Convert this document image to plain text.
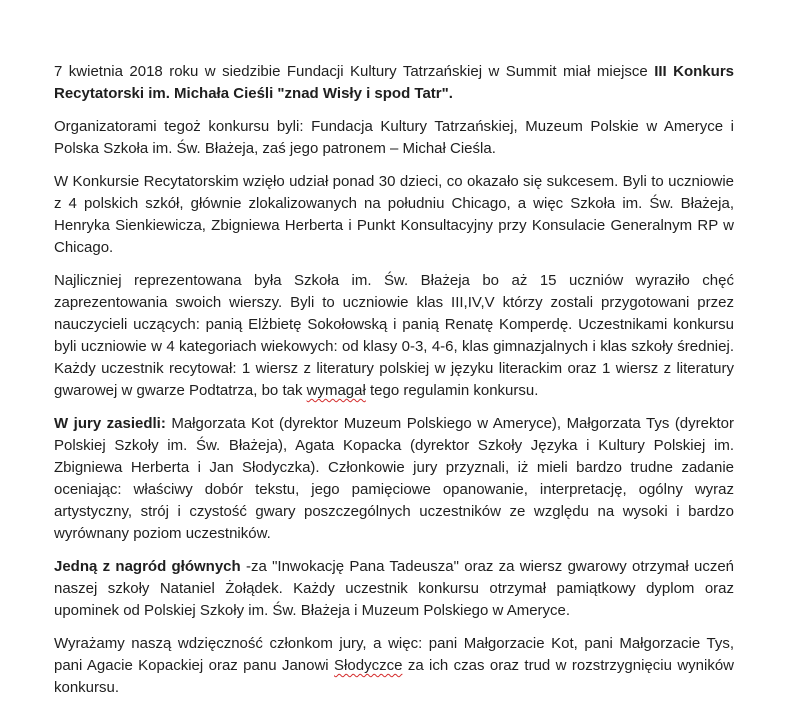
7 kwietnia 2018 roku w siedzibie Fundacji Kultury Tatrzańskiej w Summit miał miejsce III Konkurs Recytatorski im. Michała Cieśli "znad Wisły i spod Tatr".

Organizatorami tegoż konkursu byli: Fundacja Kultury Tatrzańskiej, Muzeum Polskie w Ameryce i Polska Szkoła im. Św. Błażeja, zaś jego patronem – Michał Cieśla.

W Konkursie Recytatorskim wzięło udział ponad 30 dzieci, co okazało się sukcesem. Byli to uczniowie z 4 polskich szkół, głównie zlokalizowanych na południu Chicago, a więc Szkoła im. Św. Błażeja, Henryka Sienkiewicza, Zbigniewa Herberta i Punkt Konsultacyjny przy Konsulacie Generalnym RP w Chicago.

Najliczniej reprezentowana była Szkoła im. Św. Błażeja bo aż 15 uczniów wyraziło chęć zaprezentowania swoich wierszy. Byli to uczniowie klas III,IV,V którzy zostali przygotowani przez nauczycieli uczących: panią Elżbietę Sokołowską i panią Renatę Komperdę. Uczestnikami konkursu byli uczniowie w 4 kategoriach wiekowych: od klasy 0-3, 4-6, klas gimnazjalnych i klas szkoły średniej. Każdy uczestnik recytował: 1 wiersz z literatury polskiej w języku literackim oraz 1 wiersz z literatury gwarowej w gwarze Podtatrza, bo tak wymagał tego regulamin konkursu.

W jury zasiedli: Małgorzata Kot (dyrektor Muzeum Polskiego w Ameryce), Małgorzata Tys (dyrektor Polskiej Szkoły im. Św. Błażeja), Agata Kopacka (dyrektor Szkoły Języka i Kultury Polskiej im. Zbigniewa Herberta i Jan Słodyczka). Członkowie jury przyznali, iż mieli bardzo trudne zadanie oceniając: właściwy dobór tekstu, jego pamięciowe opanowanie, interpretację, ogólny wyraz artystyczny, strój i czystość gwary poszczególnych uczestników ze względu na wysoki i bardzo wyrównany poziom uczestników.

Jedną z nagród głównych -za "Inwokację Pana Tadeusza" oraz za wiersz gwarowy otrzymał uczeń naszej szkoły Nataniel Żołądek. Każdy uczestnik konkursu otrzymał pamiątkowy dyplom oraz upominek od Polskiej Szkoły im. Św. Błażeja i Muzeum Polskiego w Ameryce.

Wyrażamy naszą wdzięczność członkom jury, a więc: pani Małgorzacie Kot, pani Małgorzacie Tys, pani Agacie Kopackiej oraz panu Janowi Słodyczce za ich czas oraz trud w rozstrzygnięciu wyników konkursu.
